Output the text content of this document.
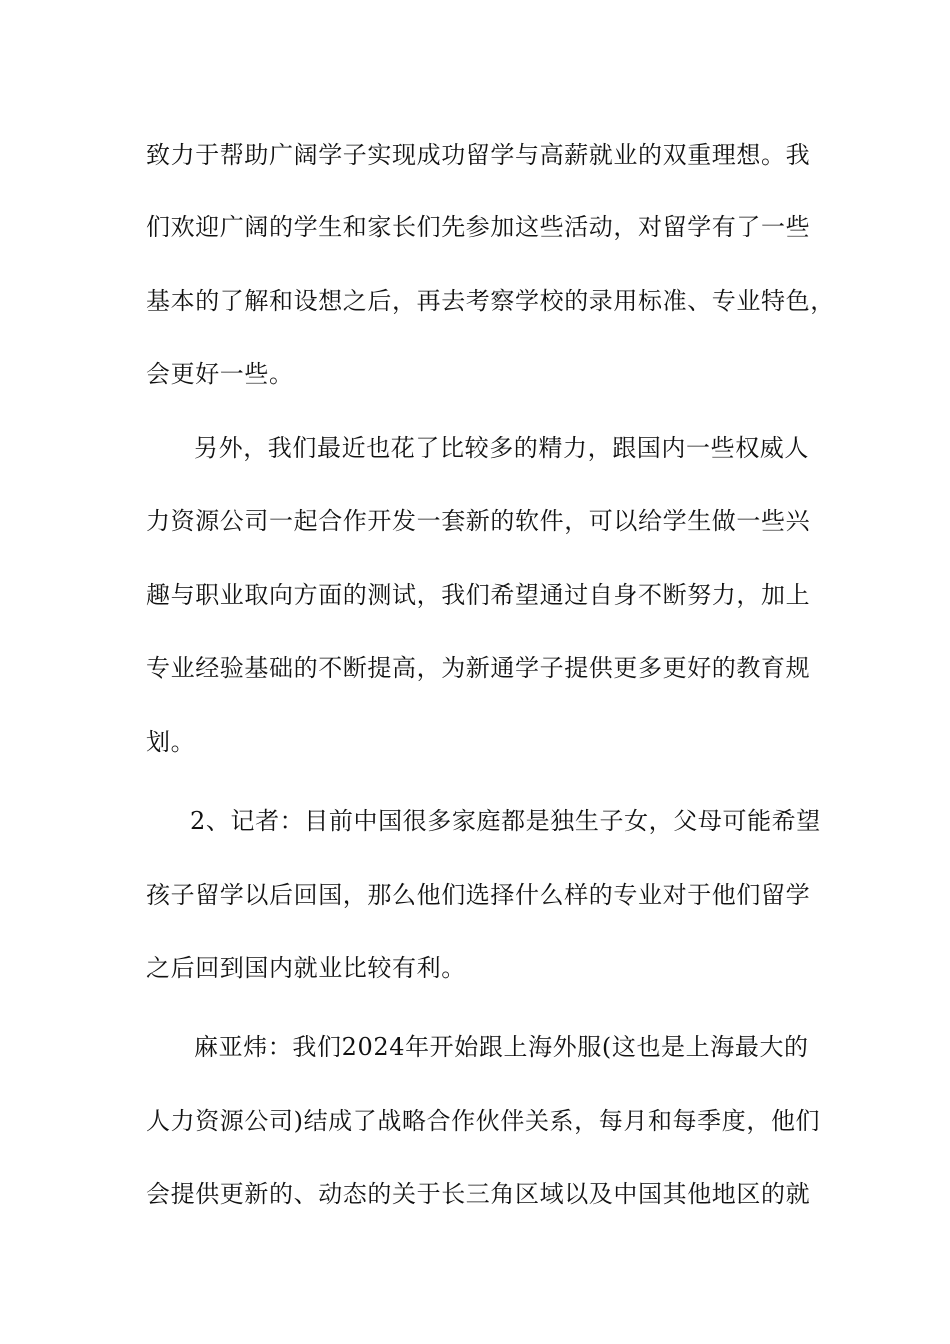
致力于帮助广阔学子实现成功留学与高薪就业的双重理想。我
们欢迎广阔的学生和家长们先参加这些活动，对留学有了一些
基本的了解和设想之后，再去考察学校的录用标准、专业特色，
会更好一些。
另外，我们最近也花了比较多的精力，跟国内一些权威人
力资源公司一起合作开发一套新的软件，可以给学生做一些兴
趣与职业取向方面的测试，我们希望通过自身不断努力，加上
专业经验基础的不断提高，为新通学子提供更多更好的教育规
划。
2、记者：目前中国很多家庭都是独生子女，父母可能希望
孩子留学以后回国，那么他们选择什么样的专业对于他们留学
之后回到国内就业比较有利。
麻亚炜：我们2024年开始跟上海外服(这也是上海最大的
人力资源公司)结成了战略合作伙伴关系，每月和每季度，他们
会提供更新的、动态的关于长三角区域以及中国其他地区的就
